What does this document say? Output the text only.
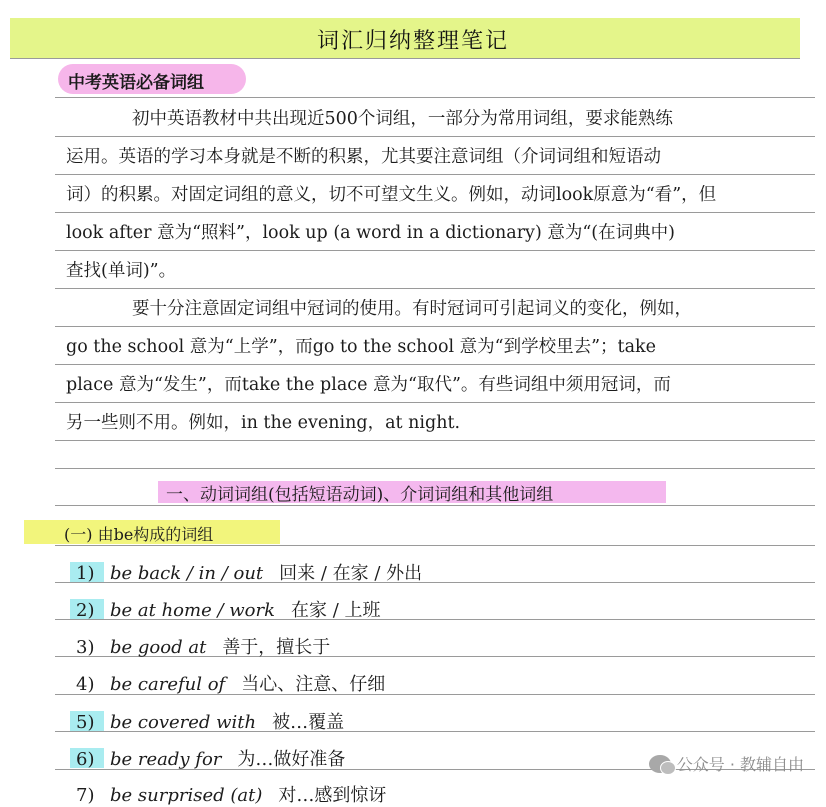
词汇归纳整理笔记
中考英语必备词组
初中英语教材中共出现近500个词组，一部分为常用词组，要求能熟练
运用。英语的学习本身就是不断的积累，尤其要注意词组（介词词组和短语动
词）的积累。对固定词组的意义，切不可望文生义。例如，动词look原意为“看”，但
look after 意为“照料”，look up (a word in a dictionary) 意为“(在词典中)
查找(单词)”。
要十分注意固定词组中冠词的使用。有时冠词可引起词义的变化，例如，
go the school 意为“上学”，而go to the school 意为“到学校里去”；take
place 意为“发生”，而take the place 意为“取代”。有些词组中须用冠词，而
另一些则不用。例如，in the evening，at night.
一、动词词组(包括短语动词)、介词词组和其他词组
(一) 由be构成的词组
1) be back / in / out 回来 / 在家 / 外出
2) be at home / work 在家 / 上班
3) be good at 善于，擅长于
4) be careful of 当心、注意、仔细
5) be covered with 被…覆盖
6) be ready for 为…做好准备
7) be surprised (at) 对…感到惊讶
公众号 · 教辅自由
